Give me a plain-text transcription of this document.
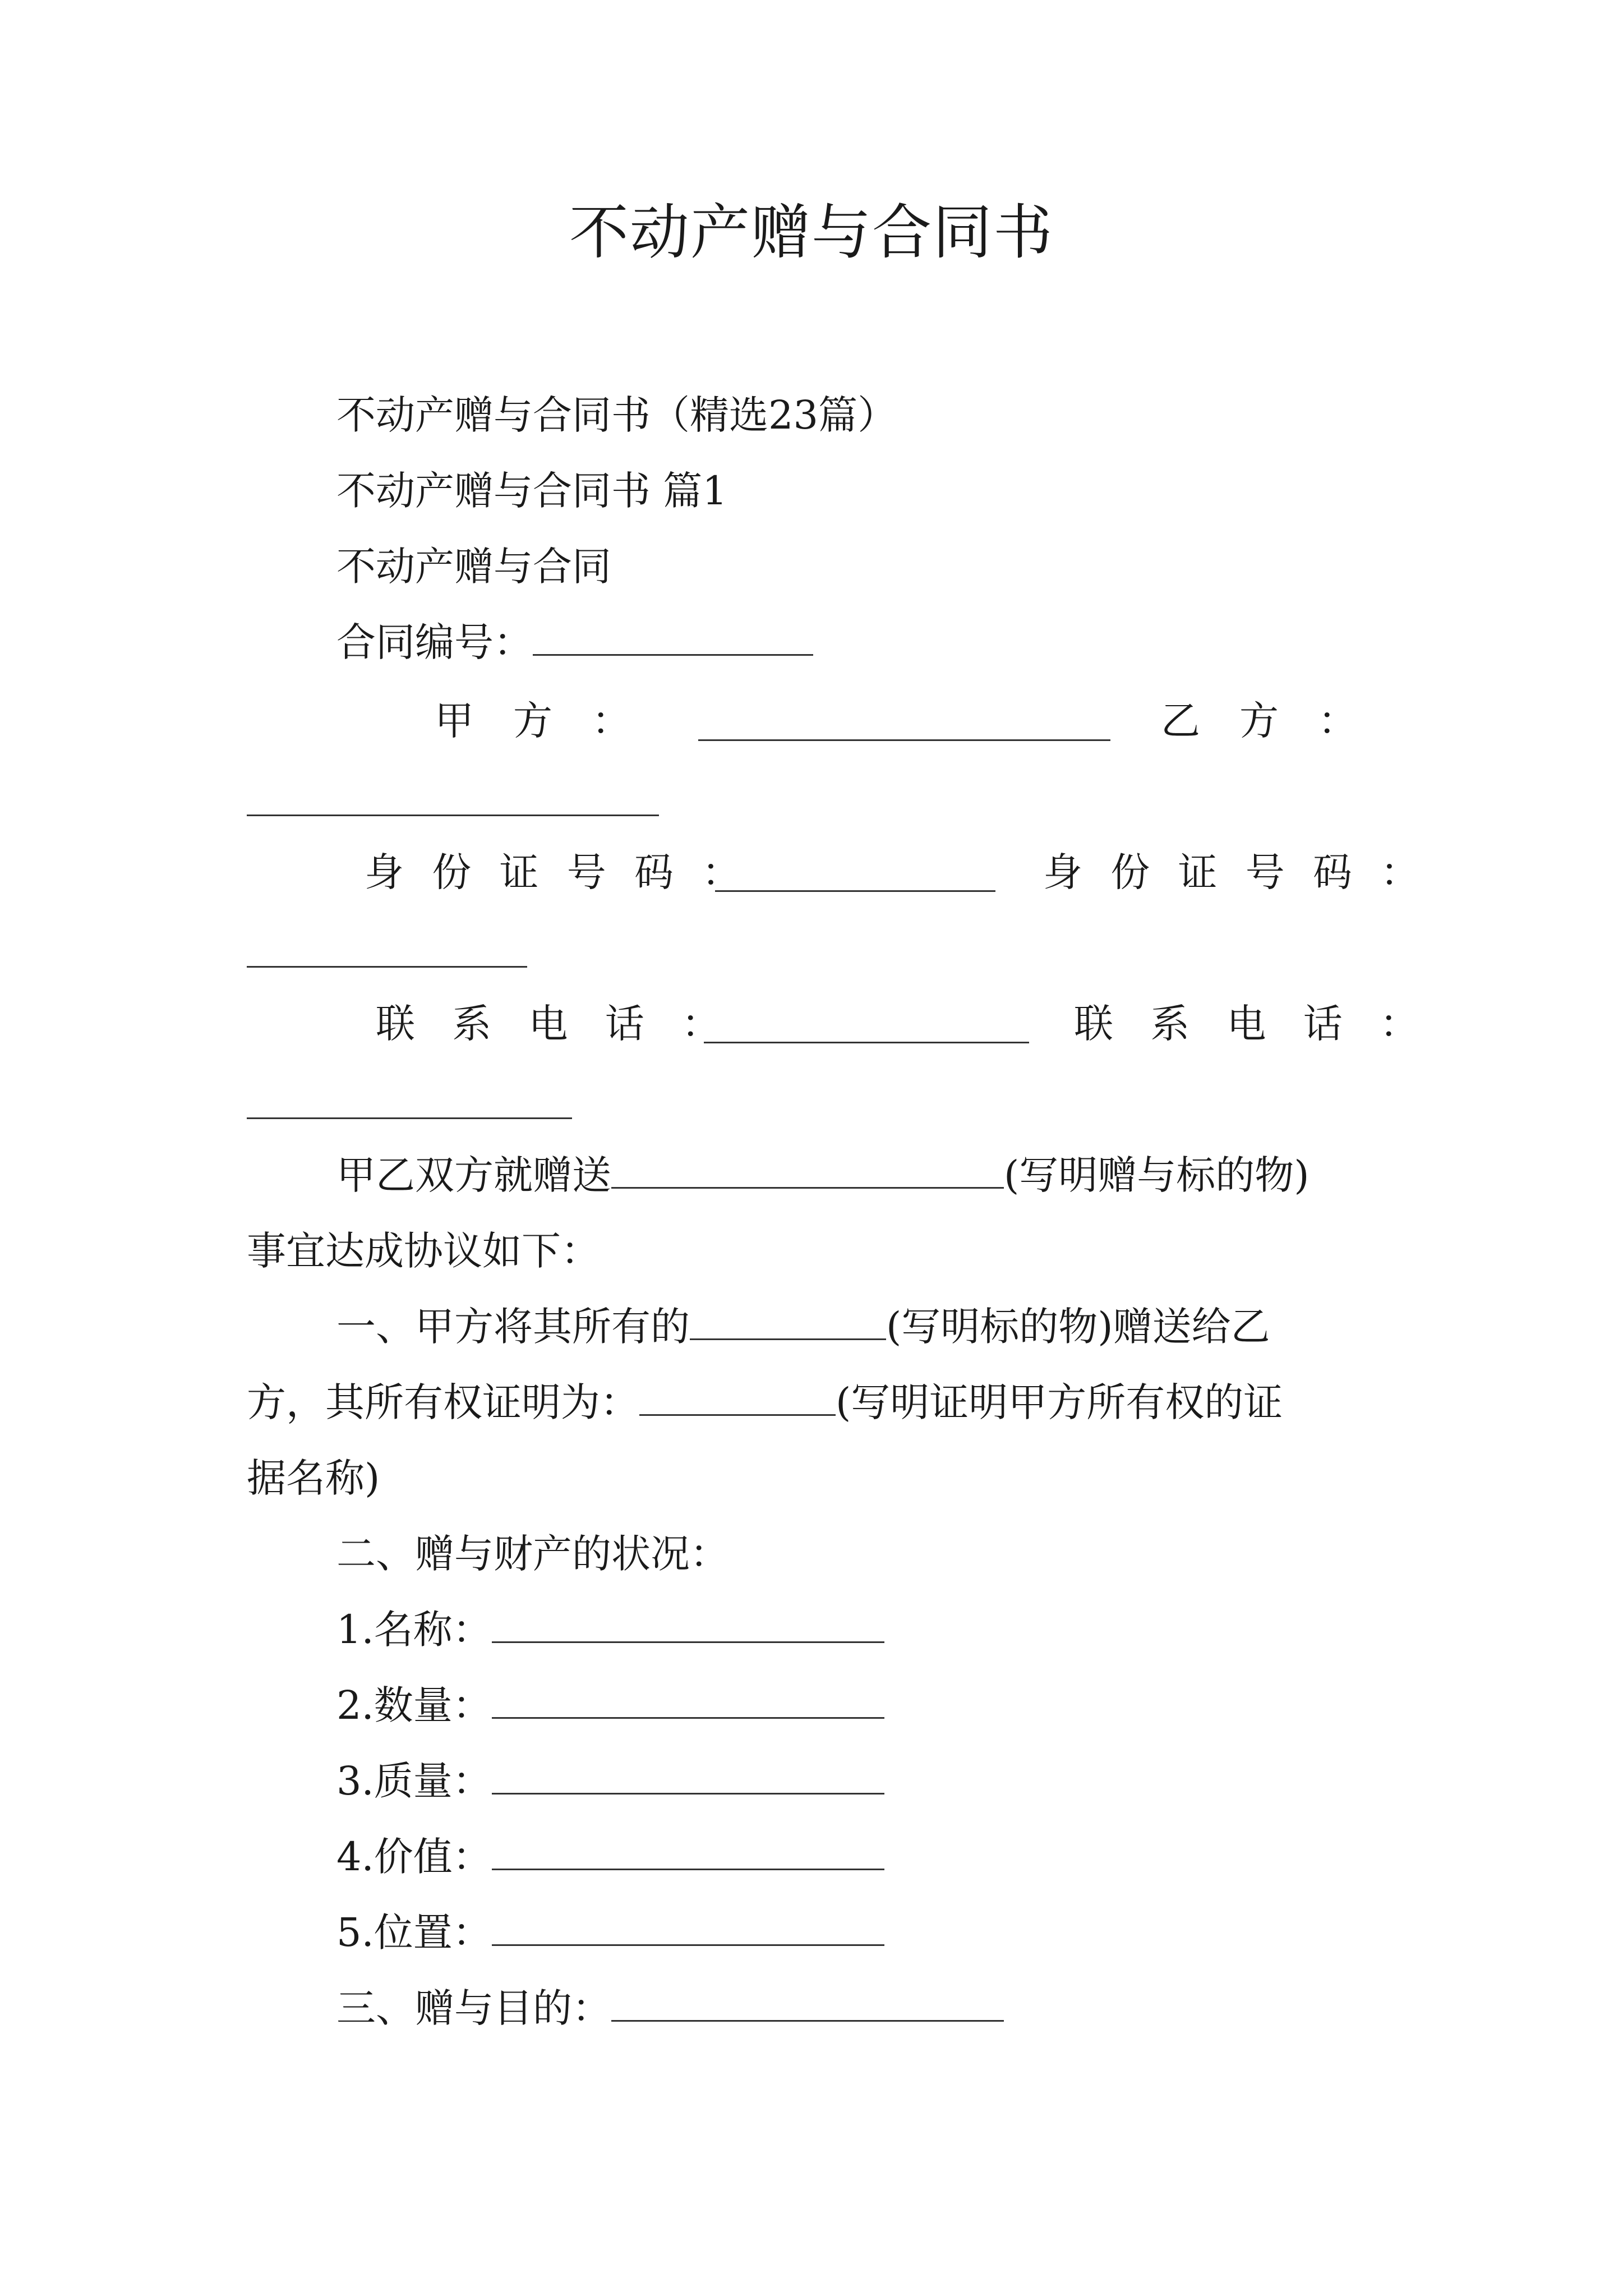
不动产赠与合同书
不动产赠与合同书（精选23篇）
不动产赠与合同书 篇1
不动产赠与合同
合同编号：
甲　方　：	乙　方　：
身 份 证 号 码 ：	身 份 证 号 码 ：
联 系 电 话 ：	联 系 电 话 ：
甲乙双方就赠送	(写明赠与标的物)
事宜达成协议如下：
一、甲方将其所有的	(写明标的物)赠送给乙
方，其所有权证明为：	(写明证明甲方所有权的证
据名称)
二、赠与财产的状况：
1.名称：
2.数量：
3.质量：
4.价值：
5.位置：
三、赠与目的：
